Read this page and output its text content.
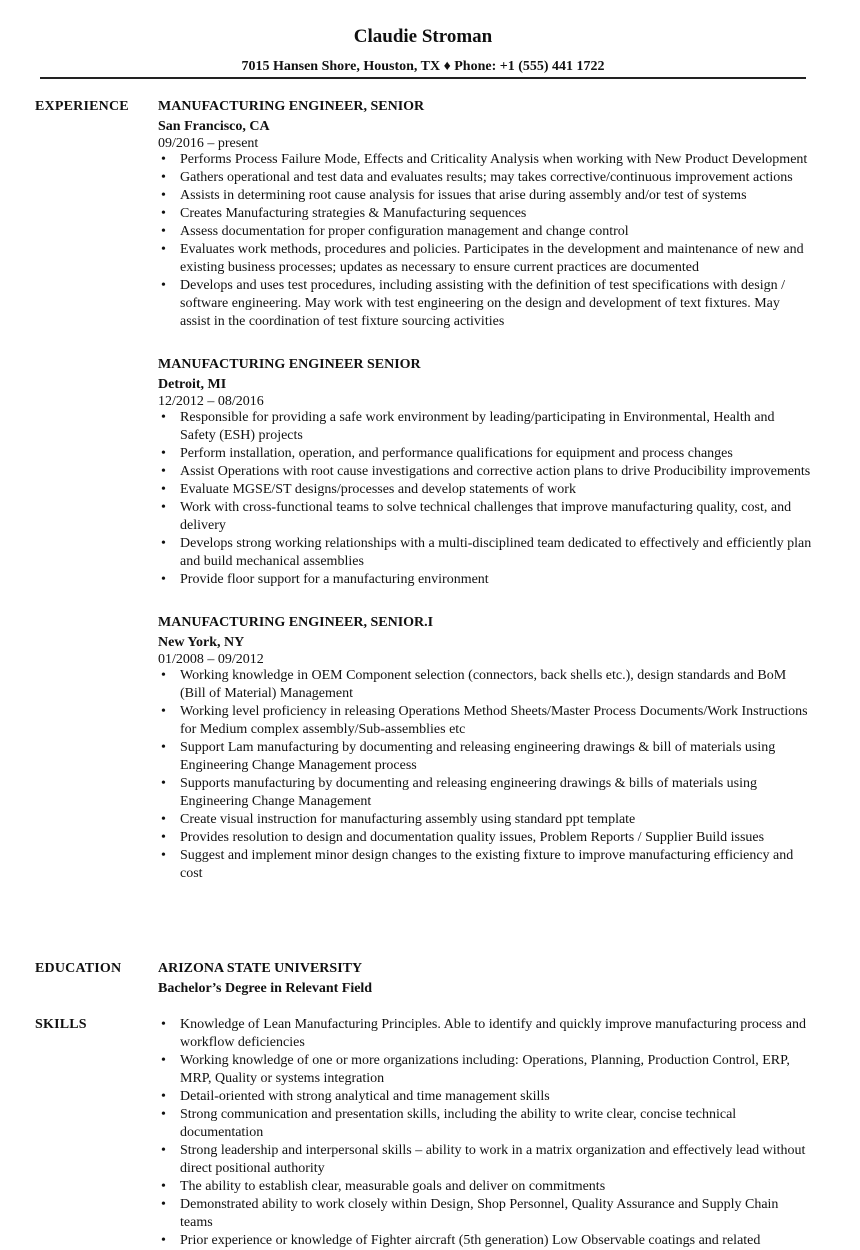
Claudie Stroman
7015 Hansen Shore, Houston, TX ♦ Phone: +1 (555) 441 1722
EXPERIENCE MANUFACTURING ENGINEER, SENIOR
San Francisco, CA
09/2016 – present
•	Performs Process Failure Mode, Effects and Criticality Analysis when working with New Product Development
•	Gathers operational and test data and evaluates results; may takes corrective/continuous improvement actions
•	Assists in determining root cause analysis for issues that arise during assembly and/or test of systems
•	Creates Manufacturing strategies & Manufacturing sequences
•	Assess documentation for proper configuration management and change control
•	Evaluates work methods, procedures and policies. Participates in the development and maintenance of new and existing business processes; updates as necessary to ensure current practices are documented
•	Develops and uses test procedures, including assisting with the definition of test specifications with design / software engineering. May work with test engineering on the design and development of text fixtures. May assist in the coordination of test fixture sourcing activities
MANUFACTURING ENGINEER SENIOR
Detroit, MI
12/2012 – 08/2016
•	Responsible for providing a safe work environment by leading/participating in Environmental, Health and Safety (ESH) projects
•	Perform installation, operation, and performance qualifications for equipment and process changes
•	Assist Operations with root cause investigations and corrective action plans to drive Producibility improvements
•	Evaluate MGSE/ST designs/processes and develop statements of work
•	Work with cross-functional teams to solve technical challenges that improve manufacturing quality, cost, and delivery
•	Develops strong working relationships with a multi-disciplined team dedicated to effectively and efficiently plan and build mechanical assemblies
•	Provide floor support for a manufacturing environment
MANUFACTURING ENGINEER, SENIOR.I
New York, NY
01/2008 – 09/2012
•	Working knowledge in OEM Component selection (connectors, back shells etc.), design standards and BoM (Bill of Material) Management
•	Working level proficiency in releasing Operations Method Sheets/Master Process Documents/Work Instructions for Medium complex assembly/Sub-assemblies etc
•	Support Lam manufacturing by documenting and releasing engineering drawings & bill of materials using Engineering Change Management process
•	Supports manufacturing by documenting and releasing engineering drawings & bills of materials using Engineering Change Management
•	Create visual instruction for manufacturing assembly using standard ppt template
•	Provides resolution to design and documentation quality issues, Problem Reports / Supplier Build issues
•	Suggest and implement minor design changes to the existing fixture to improve manufacturing efficiency and cost
EDUCATION	ARIZONA STATE UNIVERSITY
Bachelor’s Degree in Relevant Field
SKILLS	•	Knowledge of Lean Manufacturing Principles. Able to identify and quickly improve manufacturing process and workflow deficiencies
•	Working knowledge of one or more organizations including: Operations, Planning, Production Control, ERP, MRP, Quality or systems integration
•	Detail-oriented with strong analytical and time management skills
•	Strong communication and presentation skills, including the ability to write clear, concise technical documentation
•	Strong leadership and interpersonal skills – ability to work in a matrix organization and effectively lead without direct positional authority
•	The ability to establish clear, measurable goals and deliver on commitments
•	Demonstrated ability to work closely within Design, Shop Personnel, Quality Assurance and Supply Chain teams
•	Prior experience or knowledge of Fighter aircraft (5th generation) Low Observable coatings and related
